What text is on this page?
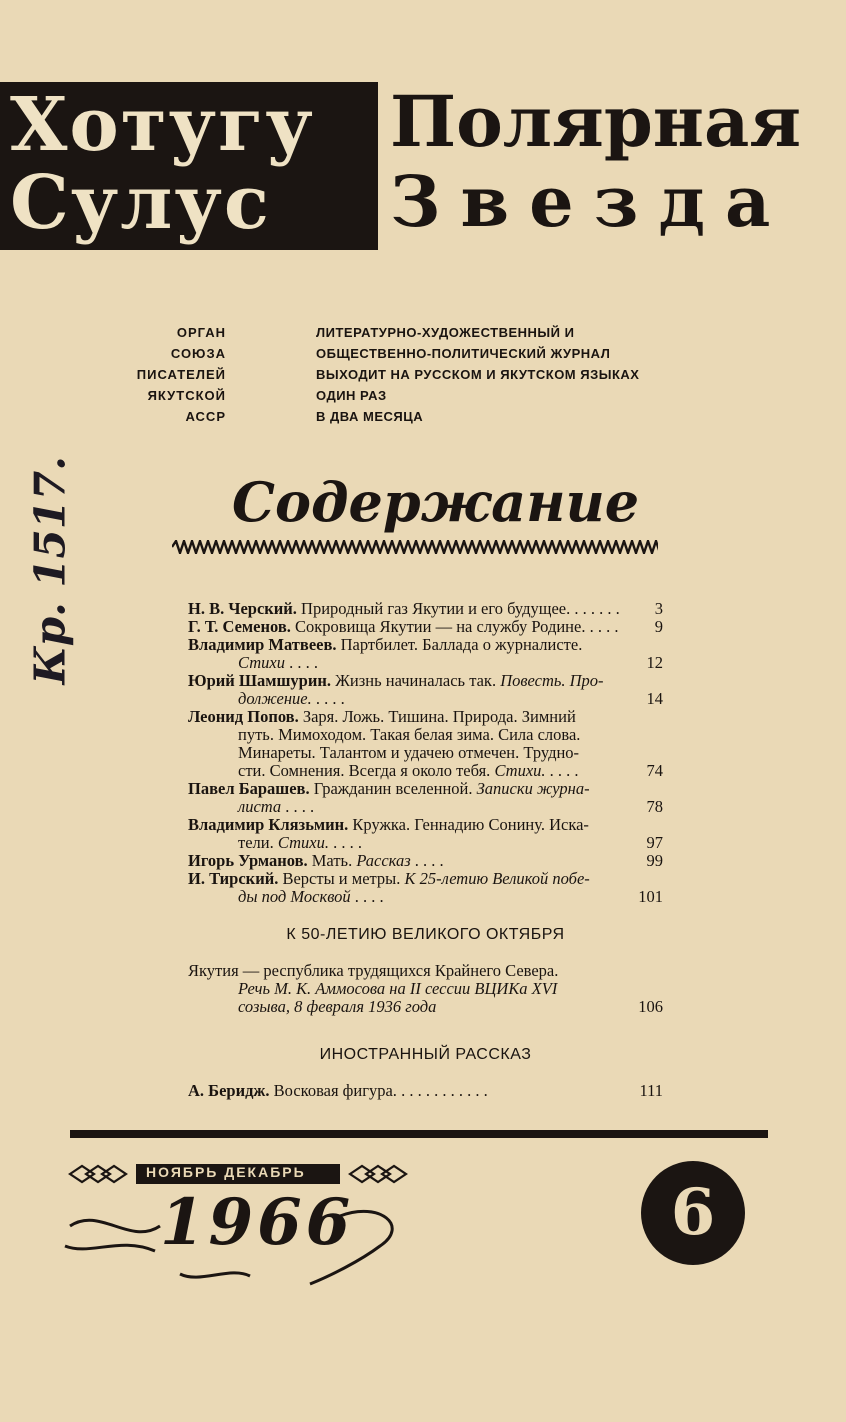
Хотугу
Сулус
Полярная
Звезда
ОРГАН
СОЮЗА
ПИСАТЕЛЕЙ
ЯКУТСКОЙ
АССР
ЛИТЕРАТУРНО-ХУДОЖЕСТВЕННЫЙ И
ОБЩЕСТВЕННО-ПОЛИТИЧЕСКИЙ ЖУРНАЛ
ВЫХОДИТ НА РУССКОМ И ЯКУТСКОМ ЯЗЫКАХ
ОДИН РАЗ
В ДВА МЕСЯЦА
Кр. 1517.	Содержание
Н. В. Черский. Природный газ Якутии и его будущее. . . . . . . 3
Г. Т. Семенов. Сокровища Якутии — на службу Родине. . . . . 9
Владимир Матвеев. Партбилет. Баллада о журналисте.
Стихи . . . .	12
Юрий Шамшурин. Жизнь начиналась так. Повесть. Про-
должение. . . . .	14
Леонид Попов. Заря. Ложь. Тишина. Природа. Зимний
путь. Мимоходом. Такая белая зима. Сила слова.
Минареты. Талантом и удачею отмечен. Трудно-
сти. Сомнения. Всегда я около тебя. Стихи. . . . .	74
Павел Барашев. Гражданин вселенной. Записки журна-
листа . . . .	78
Владимир Клязьмин. Кружка. Геннадию Сонину. Иска-
тели. Стихи. . . . .	97
Игорь Урманов. Мать. Рассказ . . . .	99
И. Тирский. Версты и метры. К 25-летию Великой побе-
ды под Москвой . . . .	101
К 50-ЛЕТИЮ ВЕЛИКОГО ОКТЯБРЯ
Якутия — республика трудящихся Крайнего Севера.
Речь М. К. Аммосова на II сессии ВЦИКа XVI
созыва, 8 февраля 1936 года	106
ИНОСТРАННЫЙ РАССКАЗ
А. Беридж. Восковая фигура. . . . . . . . . . . .	111
НОЯБРЬ ДЕКАБРЬ
1966	6
